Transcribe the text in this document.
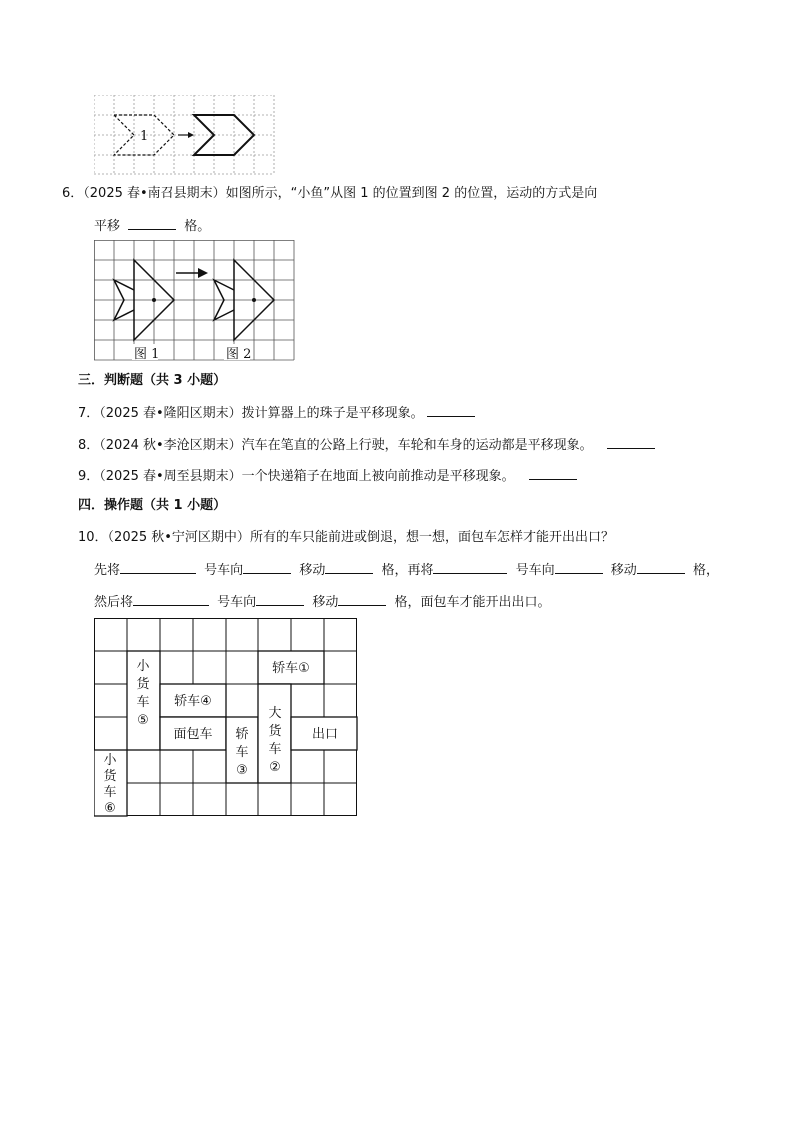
1
6．（2025 春•南召县期末）如图所示，“小鱼”从图 1 的位置到图 2 的位置，运动的方式是向
平移	格。
图 1	图 2
三．判断题（共 3 小题）
7．（2025 春•隆阳区期末）拨计算器上的珠子是平移现象。
8．（2024 秋•李沧区期末）汽车在笔直的公路上行驶，车轮和车身的运动都是平移现象。
9．（2025 春•周至县期末）一个快递箱子在地面上被向前推动是平移现象。
四．操作题（共 1 小题）
10．（2025 秋•宁河区期中）所有的车只能前进或倒退，想一想，面包车怎样才能开出出口？
先将	号车向	移动	格，再将	号车向	移动	格，
然后将	号车向	移动	格，面包车才能开出出口。
小
货
车
⑤
轿车①
轿车④
面包车 轿
车
③
大
货
车
②
出口
小
货
车
⑥
